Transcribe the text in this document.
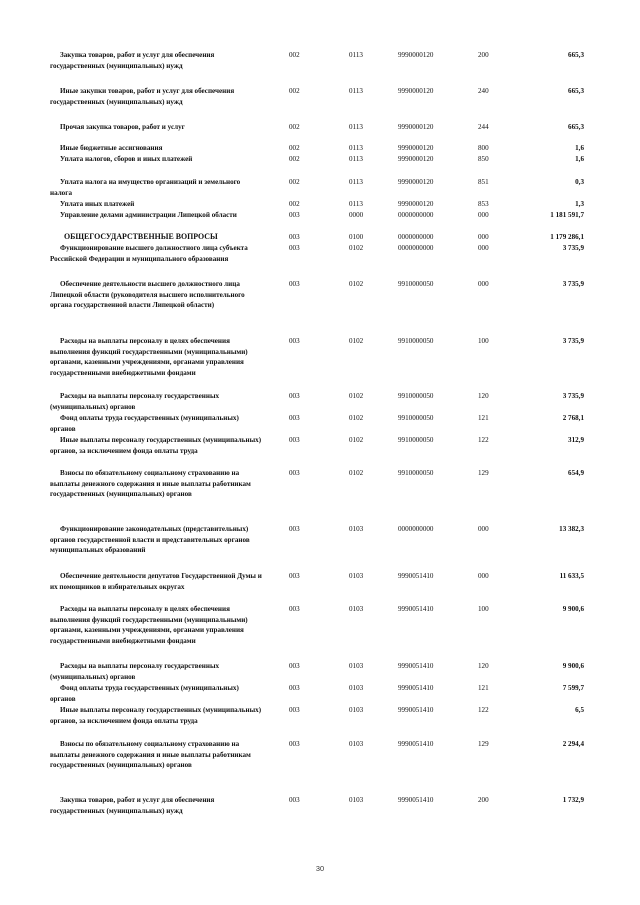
Закупка товаров, работ и услуг для обеспечения государственных (муниципальных) нужд
002	0113	9990000120	200	665,3
Иные закупки товаров, работ и услуг для обеспечения государственных (муниципальных) нужд
002	0113	9990000120	240	665,3
Прочая закупка товаров, работ и услуг	002	0113	9990000120	244	665,3
Иные бюджетные ассигнования	002	0113	9990000120	800	1,6
Уплата налогов, сборов и иных платежей	002	0113	9990000120	850	1,6
Уплата налога на имущество организаций и земельного налога
002	0113	9990000120	851	0,3
Уплата иных платежей	002	0113	9990000120	853	1,3
Управление делами администрации Липецкой области	003	0000	0000000000	000	1 181 591,7
ОБЩЕГОСУДАРСТВЕННЫЕ ВОПРОСЫ	003	0100	0000000000	000	1 179 286,1
Функционирование высшего должностного лица субъекта Российской Федерации и муниципального образования
003	0102	0000000000	000	3 735,9
Обеспечение деятельности высшего должностного лица Липецкой области (руководителя высшего исполнительного органа государственной власти Липецкой области)
003	0102	9910000050	000	3 735,9
Расходы на выплаты персоналу в целях обеспечения выполнения функций государственными (муниципальными) органами, казенными учреждениями, органами управления государственными внебюджетными фондами
003	0102	9910000050	100	3 735,9
Расходы на выплаты персоналу государственных (муниципальных) органов
003	0102	9910000050	120	3 735,9
Фонд оплаты труда государственных (муниципальных) органов
003	0102	9910000050	121	2 768,1
Иные выплаты персоналу государственных (муниципальных) органов, за исключением фонда оплаты труда
003	0102	9910000050	122	312,9
Взносы по обязательному социальному страхованию на выплаты денежного содержания и иные выплаты работникам государственных (муниципальных) органов
003	0102	9910000050	129	654,9
Функционирование законодательных (представительных) органов государственной власти и представительных органов муниципальных образований
003	0103	0000000000	000	13 382,3
Обеспечение деятельности депутатов Государственной Думы и их помощников в избирательных округах
003	0103	9990051410	000	11 633,5
Расходы на выплаты персоналу в целях обеспечения выполнения функций государственными (муниципальными) органами, казенными учреждениями, органами управления государственными внебюджетными фондами
003	0103	9990051410	100	9 900,6
Расходы на выплаты персоналу государственных (муниципальных) органов
003	0103	9990051410	120	9 900,6
Фонд оплаты труда государственных (муниципальных) органов
003	0103	9990051410	121	7 599,7
Иные выплаты персоналу государственных (муниципальных) органов, за исключением фонда оплаты труда
003	0103	9990051410	122	6,5
Взносы по обязательному социальному страхованию на выплаты денежного содержания и иные выплаты работникам государственных (муниципальных) органов
003	0103	9990051410	129	2 294,4
Закупка товаров, работ и услуг для обеспечения государственных (муниципальных) нужд
003	0103	9990051410	200	1 732,9
30
